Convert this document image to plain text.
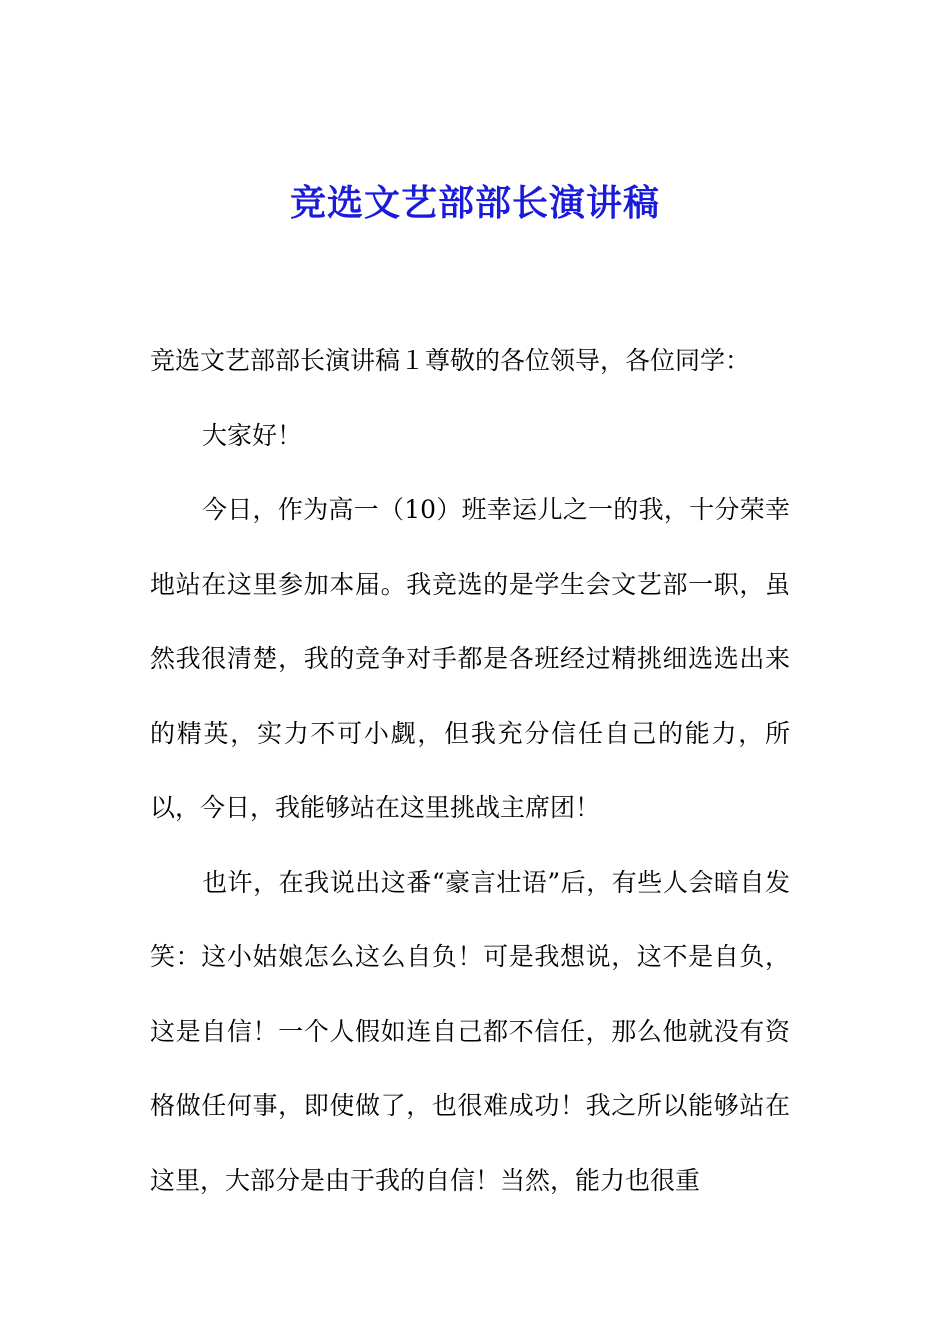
竞选文艺部部长演讲稿

竞选文艺部部长演讲稿１尊敬的各位领导，各位同学：

大家好！

今日，作为高一（10）班幸运儿之一的我，十分荣幸地站在这里参加本届。我竞选的是学生会文艺部一职，虽然我很清楚，我的竞争对手都是各班经过精挑细选选出来的精英，实力不可小觑，但我充分信任自己的能力，所以，今日，我能够站在这里挑战主席团！

也许，在我说出这番“豪言壮语”后，有些人会暗自发笑：这小姑娘怎么这么自负！可是我想说，这不是自负，这是自信！一个人假如连自己都不信任，那么他就没有资格做任何事，即使做了，也很难成功！我之所以能够站在这里，大部分是由于我的自信！当然，能力也很重
